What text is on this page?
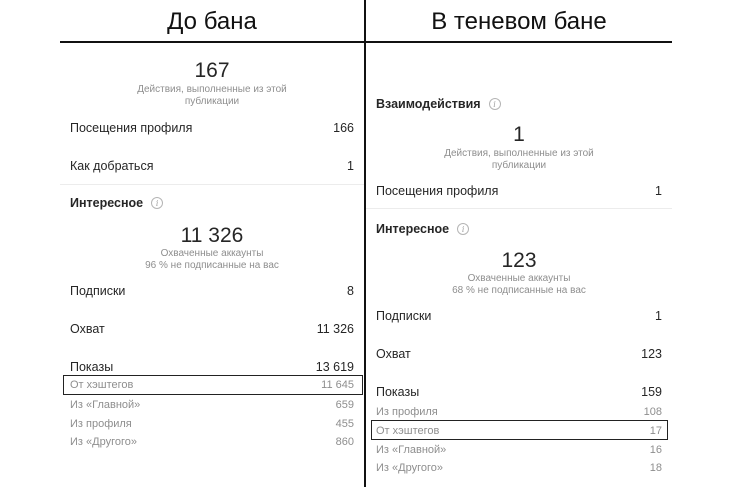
До бана	В теневом бане
167
Действия, выполненные из этой
публикации
Посещения профиля	166
Как добраться	1
Интересное	i
11 326
Охваченные аккаунты
96 % не подписанные на вас
Подписки	8
Охват	11 326
Показы	13 619
От хэштегов	11 645
Из «Главной»	659
Из профиля	455
Из «Другого»	860
Взаимодействия	i
1
Действия, выполненные из этой
публикации
Посещения профиля	1
Интересное	i
123
Охваченные аккаунты
68 % не подписанные на вас
Подписки	1
Охват	123
Показы	159
Из профиля	108
От хэштегов	17
Из «Главной»	16
Из «Другого»	18
